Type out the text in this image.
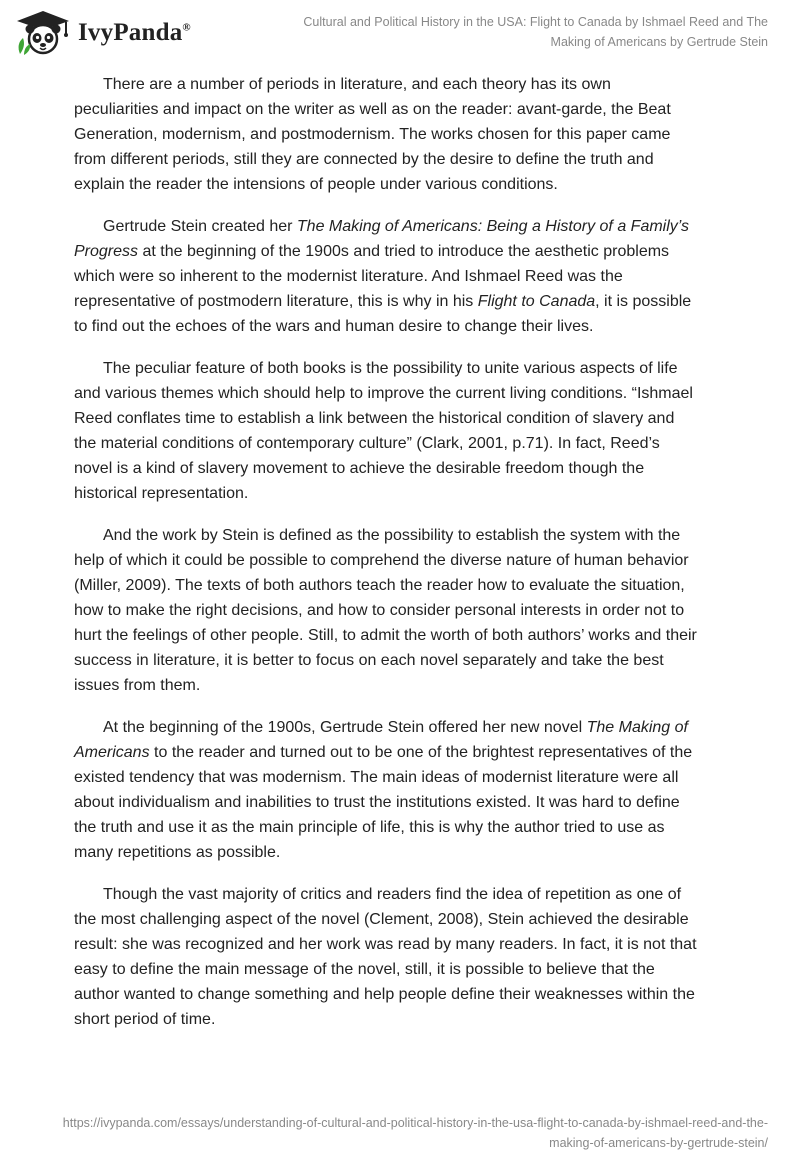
IvyPanda®	Cultural and Political History in the USA: Flight to Canada by Ishmael Reed and The Making of Americans by Gertrude Stein

There are a number of periods in literature, and each theory has its own
peculiarities and impact on the writer as well as on the reader: avant-garde, the Beat
Generation, modernism, and postmodernism. The works chosen for this paper came
from different periods, still they are connected by the desire to define the truth and
explain the reader the intensions of people under various conditions.

Gertrude Stein created her The Making of Americans: Being a History of a Family’s
Progress at the beginning of the 1900s and tried to introduce the aesthetic problems
which were so inherent to the modernist literature. And Ishmael Reed was the
representative of postmodern literature, this is why in his Flight to Canada, it is possible
to find out the echoes of the wars and human desire to change their lives.

The peculiar feature of both books is the possibility to unite various aspects of life
and various themes which should help to improve the current living conditions. “Ishmael
Reed conflates time to establish a link between the historical condition of slavery and
the material conditions of contemporary culture” (Clark, 2001, p.71). In fact, Reed’s
novel is a kind of slavery movement to achieve the desirable freedom though the
historical representation.

And the work by Stein is defined as the possibility to establish the system with the
help of which it could be possible to comprehend the diverse nature of human behavior
(Miller, 2009). The texts of both authors teach the reader how to evaluate the situation,
how to make the right decisions, and how to consider personal interests in order not to
hurt the feelings of other people. Still, to admit the worth of both authors’ works and their
success in literature, it is better to focus on each novel separately and take the best
issues from them.

At the beginning of the 1900s, Gertrude Stein offered her new novel The Making of
Americans to the reader and turned out to be one of the brightest representatives of the
existed tendency that was modernism. The main ideas of modernist literature were all
about individualism and inabilities to trust the institutions existed. It was hard to define
the truth and use it as the main principle of life, this is why the author tried to use as
many repetitions as possible.

Though the vast majority of critics and readers find the idea of repetition as one of
the most challenging aspect of the novel (Clement, 2008), Stein achieved the desirable
result: she was recognized and her work was read by many readers. In fact, it is not that
easy to define the main message of the novel, still, it is possible to believe that the
author wanted to change something and help people define their weaknesses within the
short period of time.

https://ivypanda.com/essays/understanding-of-cultural-and-political-history-in-the-usa-flight-to-canada-by-ishmael-reed-and-the-making-of-americans-by-gertrude-stein/
